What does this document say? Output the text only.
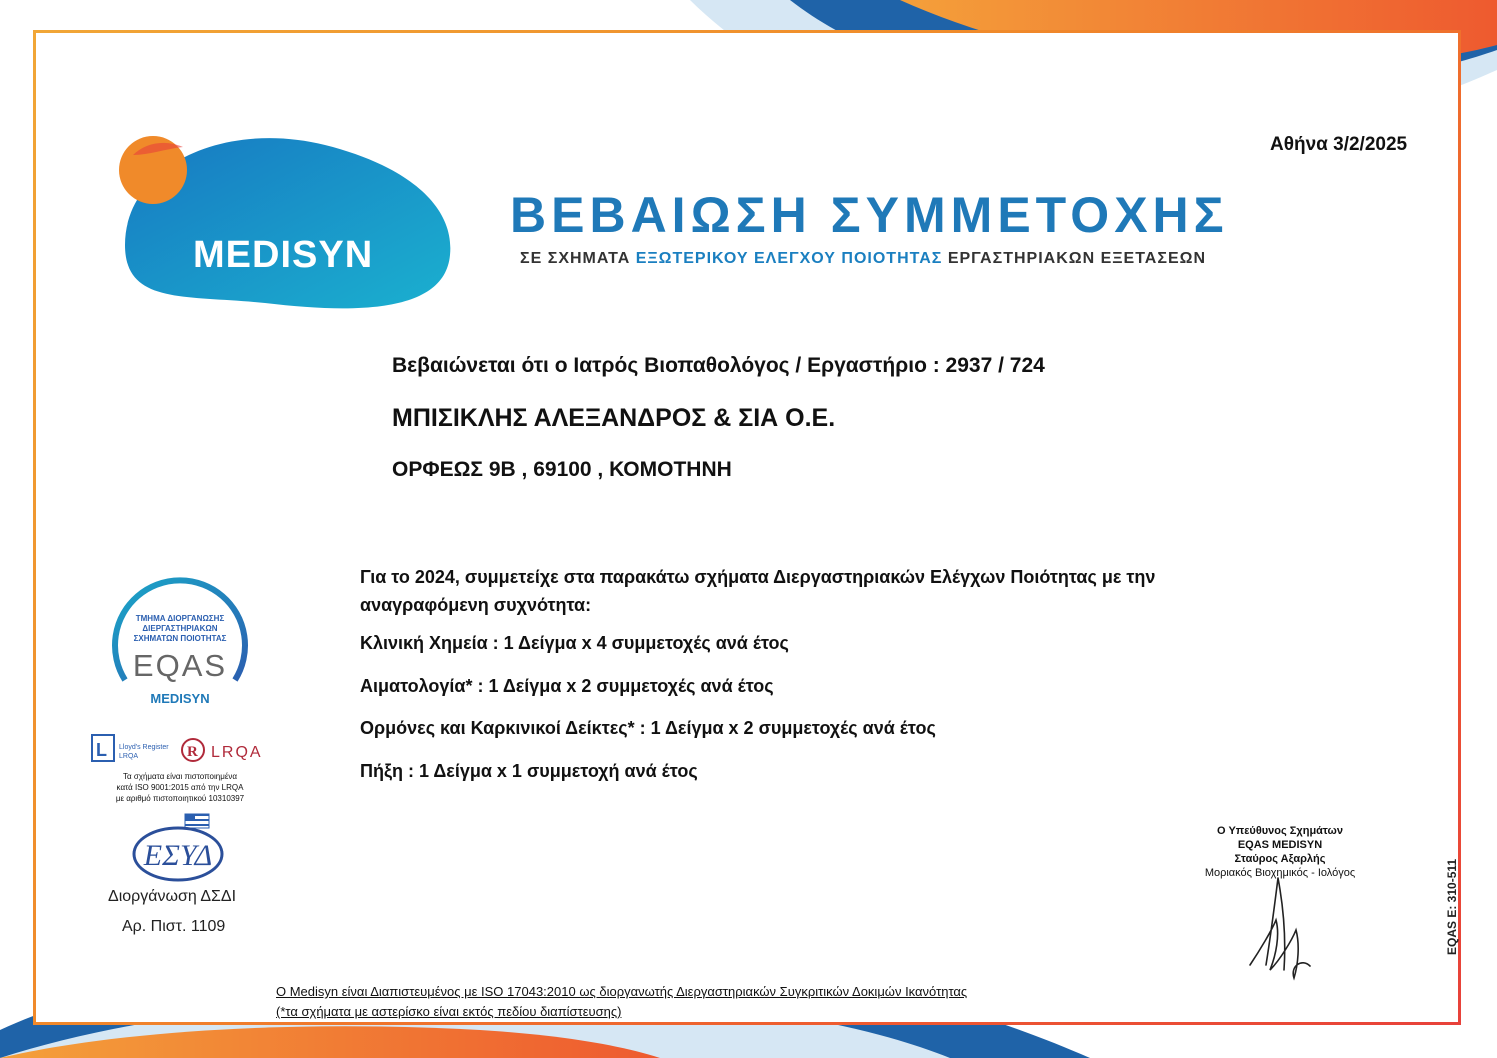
MEDISYN
Αθήνα 3/2/2025
ΒΕΒΑΙΩΣΗ ΣΥΜΜΕΤΟΧΗΣ
ΣΕ ΣΧΗΜΑΤΑ ΕΞΩΤΕΡΙΚΟΥ ΕΛΕΓΧΟΥ ΠΟΙΟΤΗΤΑΣ ΕΡΓΑΣΤΗΡΙΑΚΩΝ ΕΞΕΤΑΣΕΩΝ
Βεβαιώνεται ότι ο Ιατρός Βιοπαθολόγος / Εργαστήριο : 2937 / 724
ΜΠΙΣΙΚΛΗΣ ΑΛΕΞΑΝΔΡΟΣ & ΣΙΑ Ο.Ε.
ΟΡΦΕΩΣ 9Β , 69100 , ΚΟΜΟΤΗΝΗ
Για το 2024, συμμετείχε στα παρακάτω σχήματα Διεργαστηριακών Ελέγχων Ποιότητας με την αναγραφόμενη συχνότητα:
Κλινική Χημεία : 1 Δείγμα x 4 συμμετοχές ανά έτος
Αιματολογία* : 1 Δείγμα x 2 συμμετοχές ανά έτος
Ορμόνες και Καρκινικοί Δείκτες* : 1 Δείγμα x 2 συμμετοχές ανά έτος
Πήξη : 1 Δείγμα x 1 συμμετοχή ανά έτος
ΤΜΗΜΑ ΔΙΟΡΓΑΝΩΣΗΣ
ΔΙΕΡΓΑΣΤΗΡΙΑΚΩΝ
ΣΧΗΜΑΤΩΝ ΠΟΙΟΤΗΤΑΣ
EQAS
MEDISYN
L Lloyd's Register
LRQA	R LRQA
Τα σχήματα είναι πιστοποιημένα
κατά ISO 9001:2015 από την LRQA
με αριθμό πιστοποιητικού 10310397
ΕΣΥΔ
Διοργάνωση ΔΣΔΙ
Αρ. Πιστ. 1109
Ο Υπεύθυνος Σχημάτων
EQAS MEDISYN
Σταύρος Αξαρλής
Μοριακός Βιοχημικός - Ιολόγος	EQAS E: 310-511
Ο Medisyn είναι Διαπιστευμένος με ISO 17043:2010 ως διοργανωτής Διεργαστηριακών Συγκριτικών Δοκιμών Ικανότητας
(*τα σχήματα με αστερίσκο είναι εκτός πεδίου διαπίστευσης)
